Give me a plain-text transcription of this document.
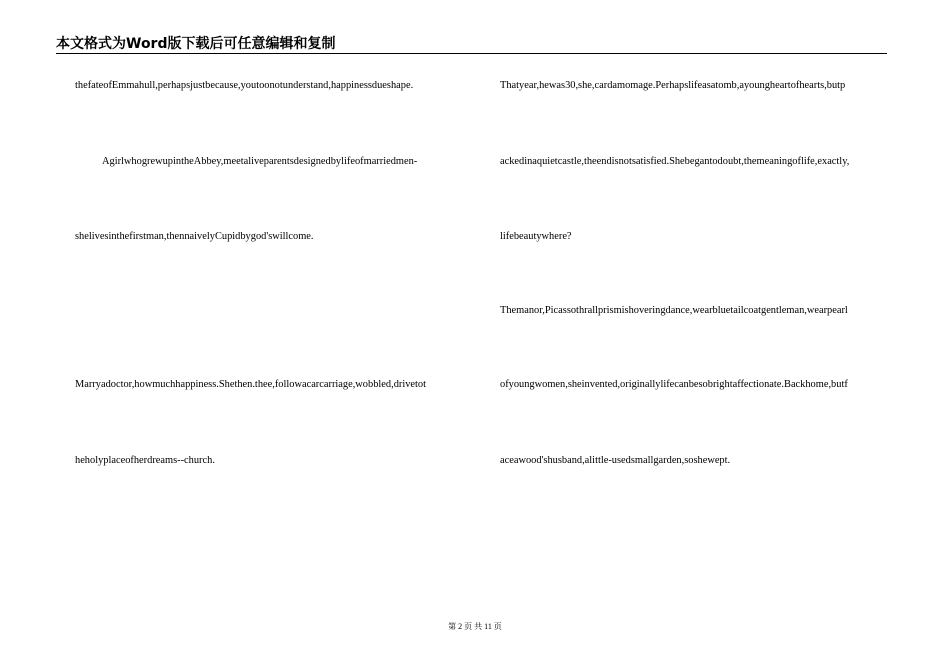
本文格式为Word版下载后可任意编辑和复制
thefateofEmmahull,perhapsjustbecause,youtoonotunderstand,happinessdueshape.
AgirlwhogrewupintheAbbey,meetaliveparentsdesignedbylifeofmarriedmen-
shelivesinthefirstman,thennaivelyCupidbygod'swillcome.
Marryadoctor,howmuchhappiness.Shethen.thee,followacarcarriage,wobbled,drivetot
heholyplaceofherdreams--church.
Thatyear,hewas30,she,cardamomage.Perhapslifeasatomb,ayoungheartofhearts,butp
ackedinaquietcastle,theendisnotsatisfied.Shebegantodoubt,themeaningoflife,exactly,
lifebeautywhere?
Themanor,Picassothrallprismishoveringdance,wearbluetailcoatgentleman,wearpearl
ofyoungwomen,sheinvented,originallylifecanbesobrightaffectionate.Backhome,butf
aceawood'shusband,alittle-usedsmallgarden,soshewept.
第 2 页 共 11 页
